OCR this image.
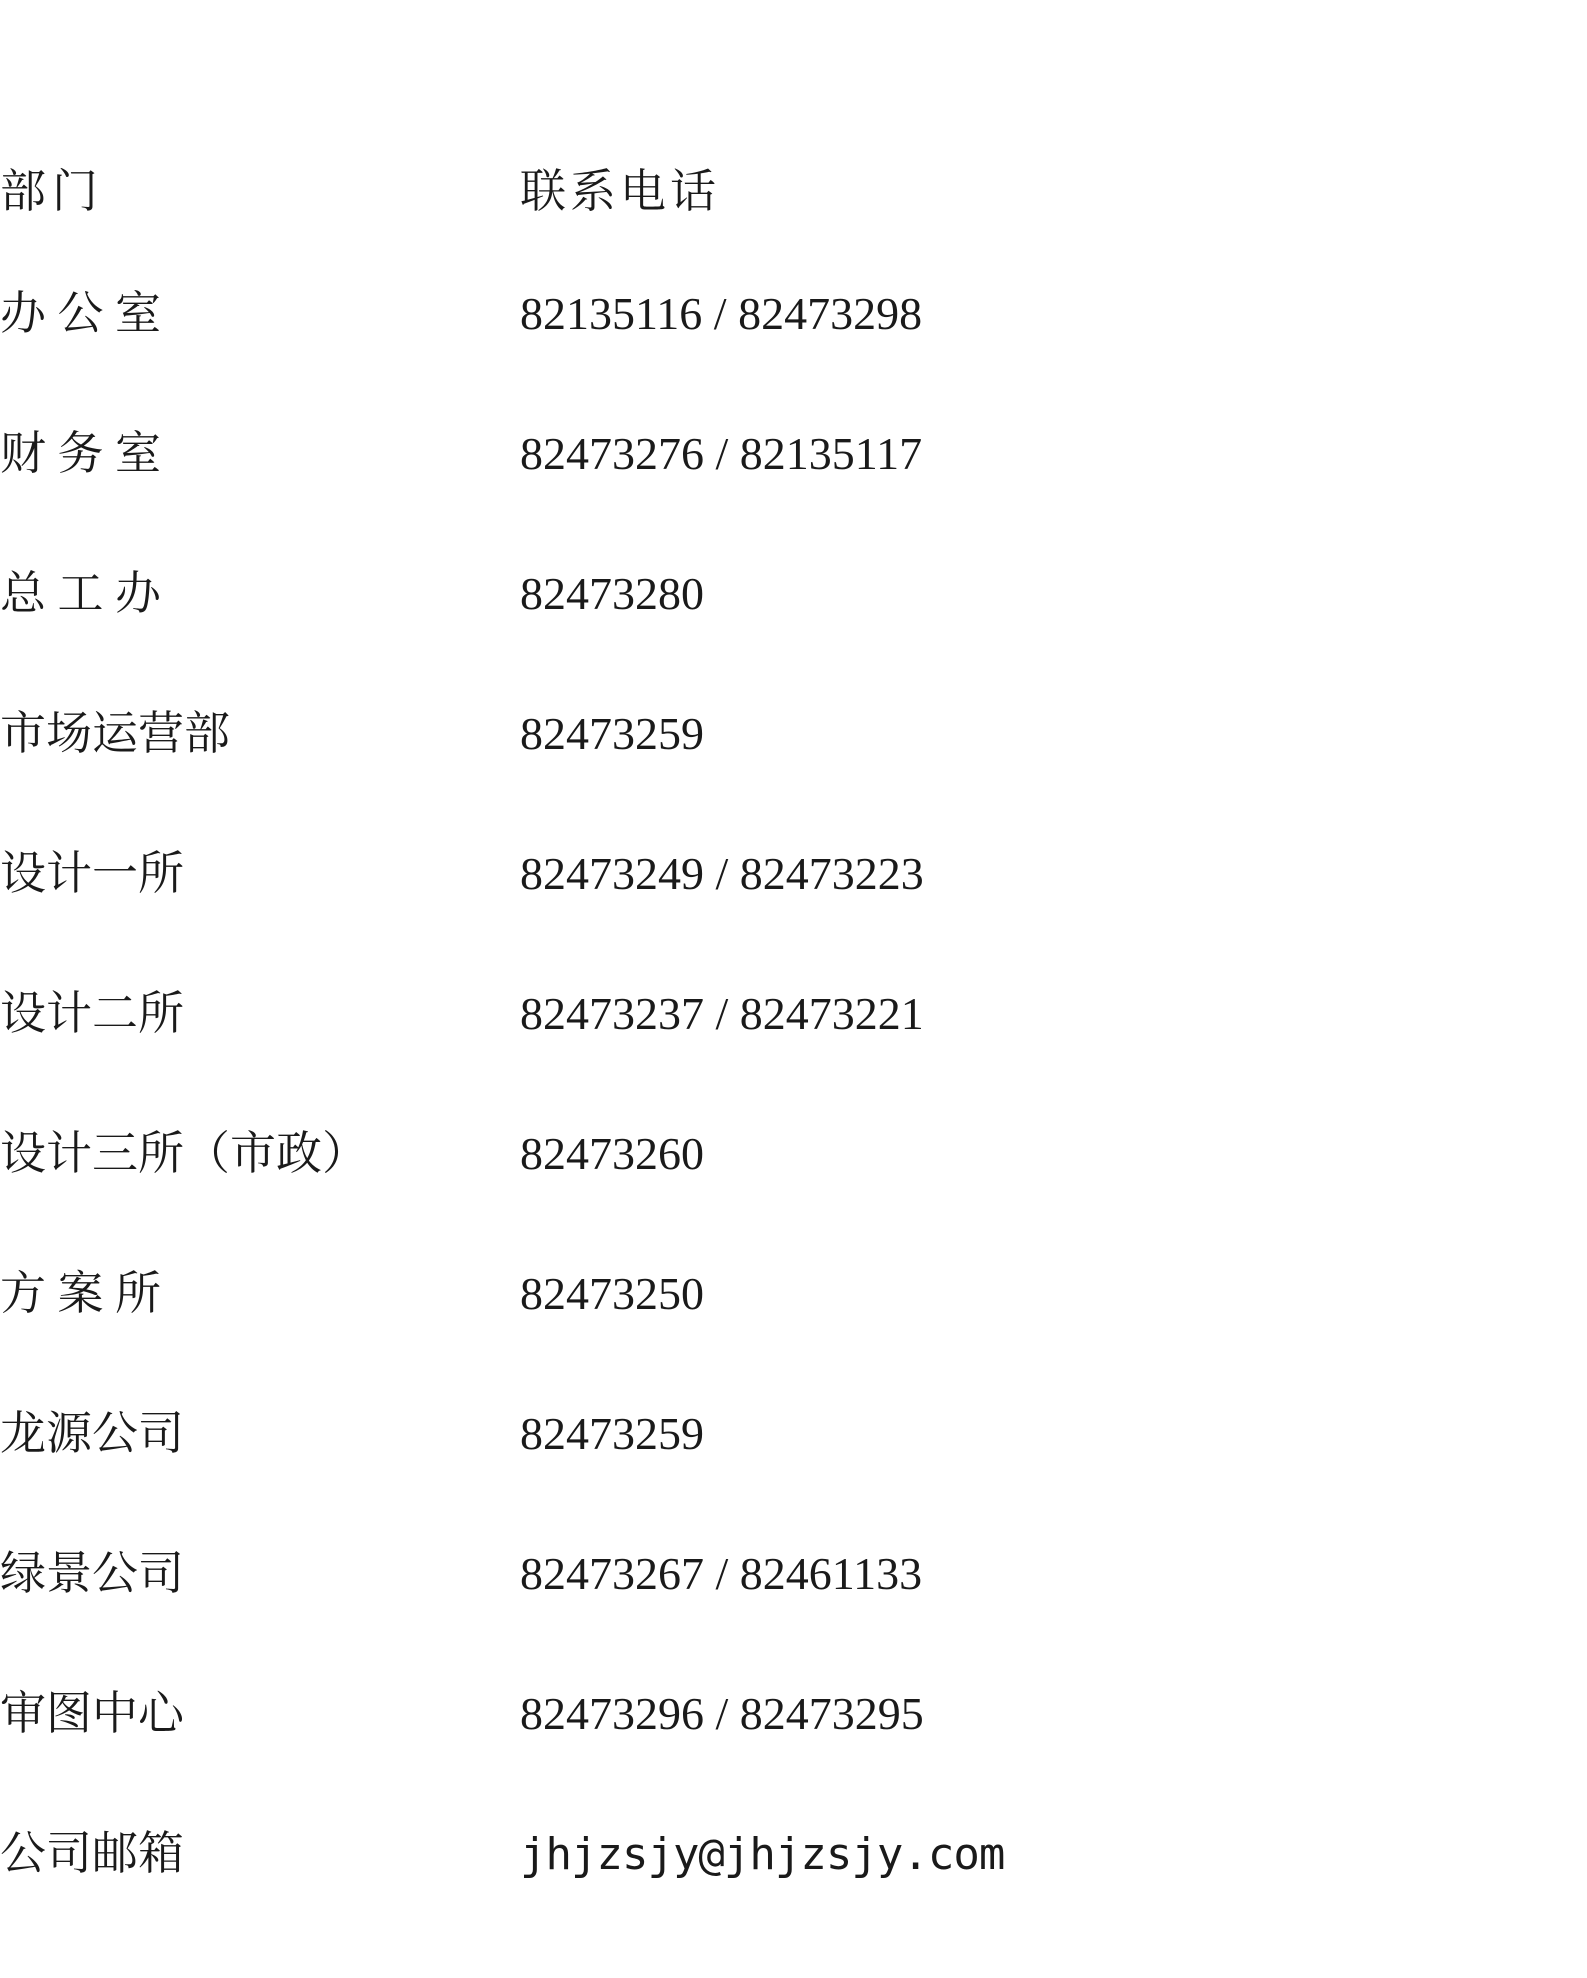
部门	联系电话
办 公 室	82135116 / 82473298
财 务 室	82473276 / 82135117
总 工 办	82473280
市场运营部	82473259
设计一所	82473249 / 82473223
设计二所	82473237 / 82473221
设计三所（市政）	82473260
方 案 所	82473250
龙源公司	82473259
绿景公司	82473267 / 82461133
审图中心	82473296 / 82473295
公司邮箱	jhjzsjy@jhjzsjy.com
